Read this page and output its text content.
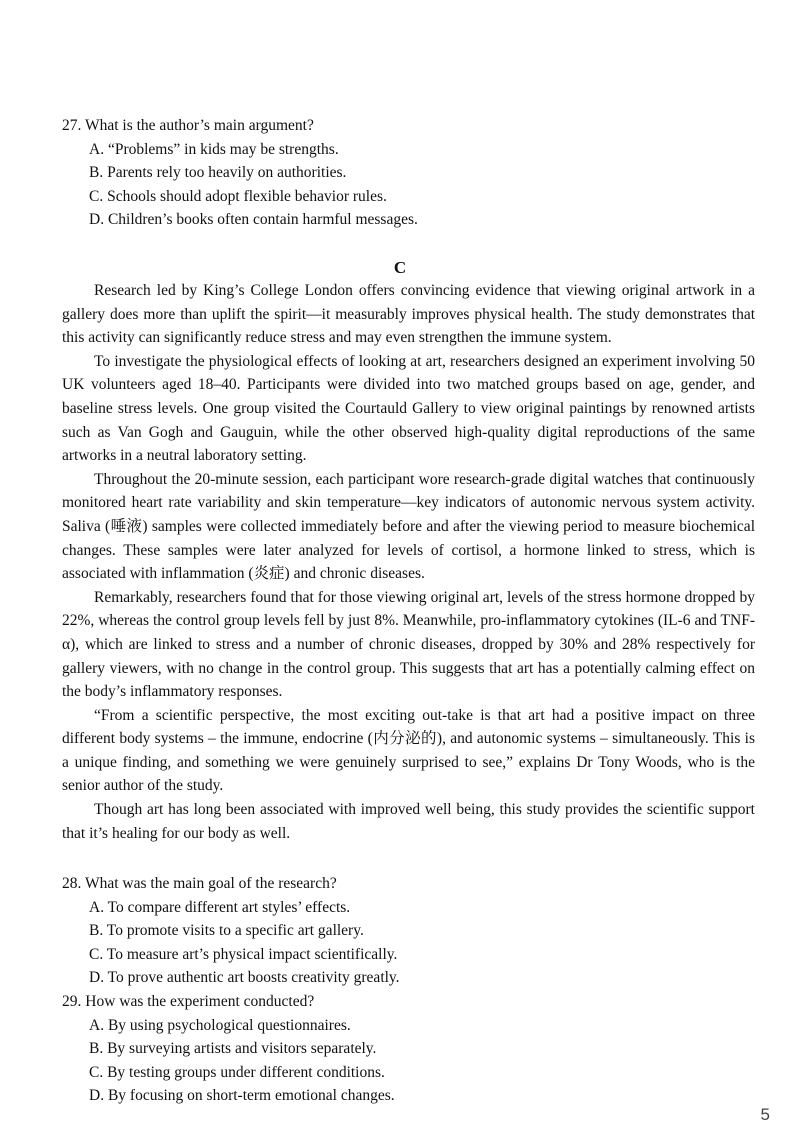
27. What is the author’s main argument?

A. “Problems” in kids may be strengths.

B. Parents rely too heavily on authorities.

C. Schools should adopt flexible behavior rules.

D. Children’s books often contain harmful messages.

C

Research led by King’s College London offers convincing evidence that viewing original artwork in a gallery does more than uplift the spirit—it measurably improves physical health. The study demonstrates that this activity can significantly reduce stress and may even strengthen the immune system.

To investigate the physiological effects of looking at art, researchers designed an experiment involving 50 UK volunteers aged 18–40. Participants were divided into two matched groups based on age, gender, and baseline stress levels. One group visited the Courtauld Gallery to view original paintings by renowned artists such as Van Gogh and Gauguin, while the other observed high-quality digital reproductions of the same artworks in a neutral laboratory setting.

Throughout the 20-minute session, each participant wore research-grade digital watches that continuously monitored heart rate variability and skin temperature—key indicators of autonomic nervous system activity. Saliva (唾液) samples were collected immediately before and after the viewing period to measure biochemical changes. These samples were later analyzed for levels of cortisol, a hormone linked to stress, which is associated with inflammation (炎症) and chronic diseases.

Remarkably, researchers found that for those viewing original art, levels of the stress hormone dropped by 22%, whereas the control group levels fell by just 8%. Meanwhile, pro-inflammatory cytokines (IL-6 and TNF-α), which are linked to stress and a number of chronic diseases, dropped by 30% and 28% respectively for gallery viewers, with no change in the control group. This suggests that art has a potentially calming effect on the body’s inflammatory responses.

“From a scientific perspective, the most exciting out-take is that art had a positive impact on three different body systems – the immune, endocrine (内分泌的), and autonomic systems – simultaneously. This is a unique finding, and something we were genuinely surprised to see,” explains Dr Tony Woods, who is the senior author of the study.

Though art has long been associated with improved well being, this study provides the scientific support that it’s healing for our body as well.

28. What was the main goal of the research?

A. To compare different art styles’ effects.

B. To promote visits to a specific art gallery.

C. To measure art’s physical impact scientifically.

D. To prove authentic art boosts creativity greatly.

29. How was the experiment conducted?

A. By using psychological questionnaires.

B. By surveying artists and visitors separately.

C. By testing groups under different conditions.

D. By focusing on short-term emotional changes.

5
